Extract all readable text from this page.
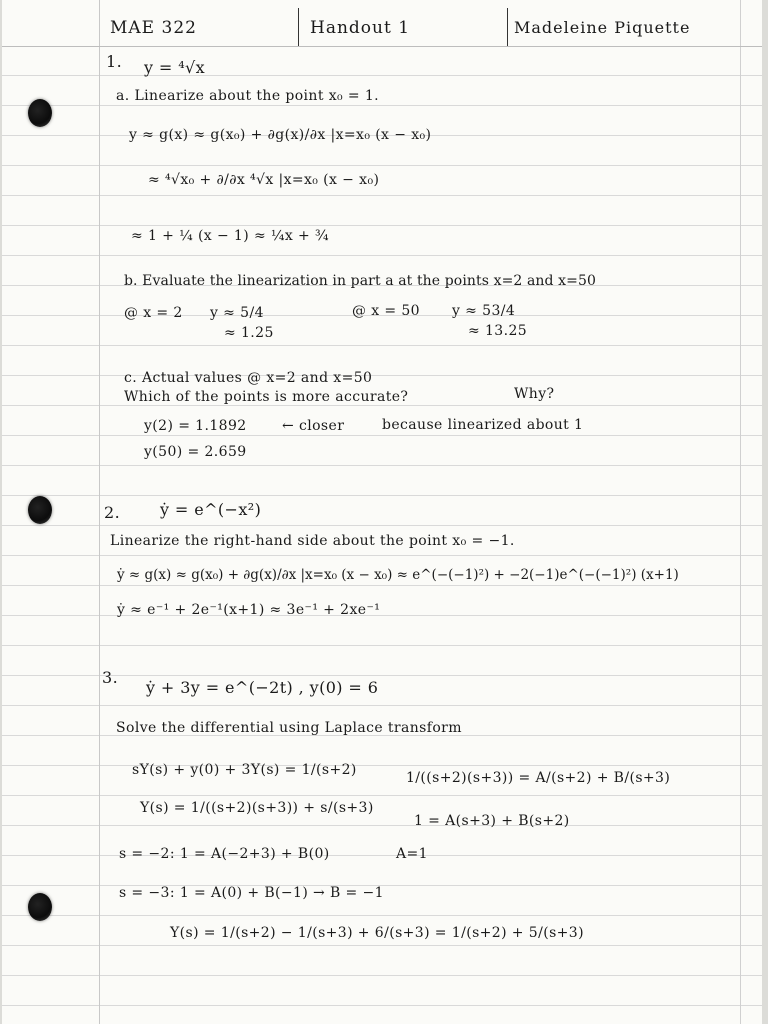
MAE 322	Handout 1	Madeleine Piquette
1. y = ⁴√x
a. Linearize about the point x₀ = 1.
y ≈ g(x) ≈ g(x₀) + ∂g(x)/∂x |x=x₀ (x − x₀)
≈ ⁴√x₀ + ∂/∂x ⁴√x |x=x₀ (x − x₀)
≈ 1 + ¼ (x − 1) ≈ ¼x + ¾
b. Evaluate the linearization in part a at the points x=2 and x=50
@ x = 2 y ≈ 5/4
≈ 1.25
@ x = 50 y ≈ 53/4
≈ 13.25
c. Actual values @ x=2 and x=50
Which of the points is more accurate?	Why?
y(2) = 1.1892	← closer	because linearized about 1
y(50) = 2.659
2. ẏ = e^(−x²)
Linearize the right-hand side about the point x₀ = −1.
ẏ ≈ g(x) ≈ g(x₀) + ∂g(x)/∂x |x=x₀ (x − x₀) ≈ e^(−(−1)²) + −2(−1)e^(−(−1)²) (x+1)
ẏ ≈ e⁻¹ + 2e⁻¹(x+1) ≈ 3e⁻¹ + 2xe⁻¹
3.
ẏ + 3y = e^(−2t) , y(0) = 6
Solve the differential using Laplace transform
sY(s) + y(0) + 3Y(s) = 1/(s+2)
Y(s) = 1/((s+2)(s+3)) + s/(s+3)
1/((s+2)(s+3)) = A/(s+2) + B/(s+3)
1 = A(s+3) + B(s+2)
s = −2: 1 = A(−2+3) + B(0)	A=1
s = −3: 1 = A(0) + B(−1) → B = −1
Y(s) = 1/(s+2) − 1/(s+3) + 6/(s+3) = 1/(s+2) + 5/(s+3)
